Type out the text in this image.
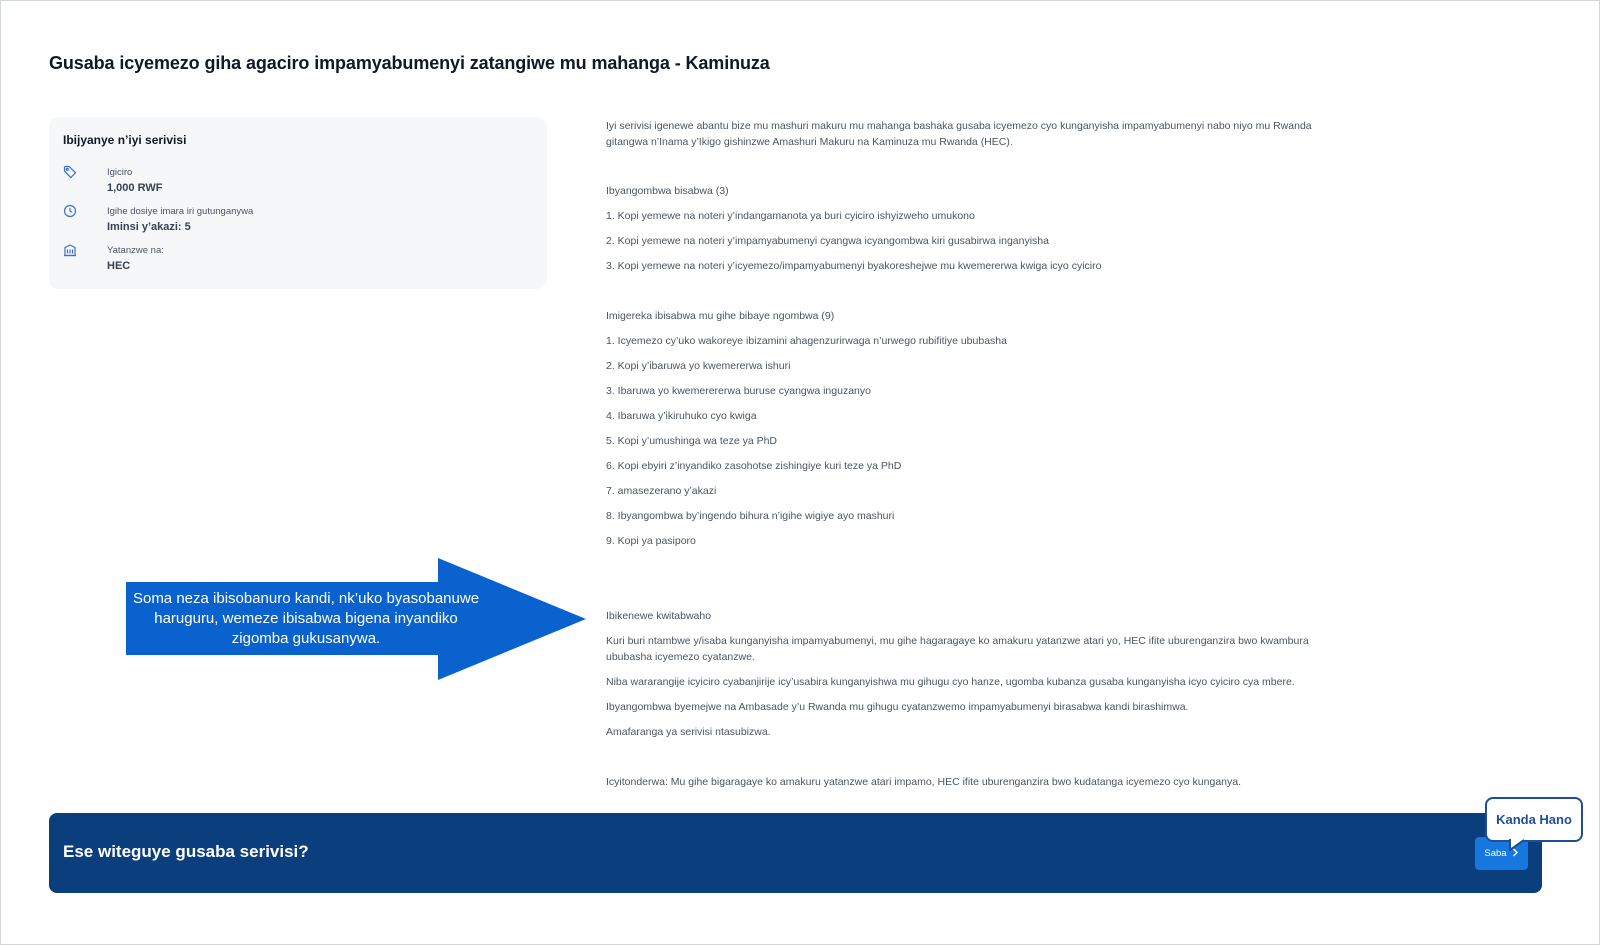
Gusaba icyemezo giha agaciro impamyabumenyi zatangiwe mu mahanga - Kaminuza
Ibijyanye n’iyi serivisi
Igiciro
1,000 RWF
Igihe dosiye imara iri gutunganywa
Iminsi y’akazi: 5
Yatanzwe na:
HEC

Iyi serivisi igenewe abantu bize mu mashuri makuru mu mahanga bashaka gusaba icyemezo cyo kunganyisha impamyabumenyi nabo niyo mu Rwanda

gitangwa n’Inama y’Ikigo gishinzwe Amashuri Makuru na Kaminuza mu Rwanda (HEC).

Ibyangombwa bisabwa (3)
1. Kopi yemewe na noteri y’indangamanota ya buri cyiciro ishyizweho umukono
2. Kopi yemewe na noteri y’impamyabumenyi cyangwa icyangombwa kiri gusabirwa inganyisha
3. Kopi yemewe na noteri y’icyemezo/impamyabumenyi byakoreshejwe mu kwemererwa kwiga icyo cyiciro
Imigereka ibisabwa mu gihe bibaye ngombwa (9)
1. Icyemezo cy’uko wakoreye ibizamini ahagenzurirwaga n’urwego rubifitiye ububasha
2. Kopi y’ibaruwa yo kwemererwa ishuri
3. Ibaruwa yo kwemerererwa buruse cyangwa inguzanyo
4. Ibaruwa y’ikiruhuko cyo kwiga
5. Kopi y’umushinga wa teze ya PhD
6. Kopi ebyiri z’inyandiko zasohotse zishingiye kuri teze ya PhD
7. amasezerano y’akazi
8. Ibyangombwa by’ingendo bihura n’igihe wigiye ayo mashuri
9. Kopi ya pasiporo
Ibikenewe kwitabwaho

Kuri buri ntambwe y/isaba kunganyisha impamyabumenyi, mu gihe hagaragaye ko amakuru yatanzwe atari yo, HEC ifite uburenganzira bwo kwambura

ububasha icyemezo cyatanzwe.

Niba wararangije icyiciro cyabanjirije icy’usabira kunganyishwa mu gihugu cyo hanze, ugomba kubanza gusaba kunganyisha icyo cyiciro cya mbere.
Ibyangombwa byemejwe na Ambasade y’u Rwanda mu gihugu cyatanzwemo impamyabumenyi birasabwa kandi birashimwa.
Amafaranga ya serivisi ntasubizwa.
Icyitonderwa: Mu gihe bigaragaye ko amakuru yatanzwe atari impamo, HEC ifite uburenganzira bwo kudatanga icyemezo cyo kunganya.
Soma neza ibisobanuro kandi, nk’uko byasobanuwe haruguru, wemeze ibisabwa bigena inyandiko zigomba gukusanywa.
Ese witeguye gusaba serivisi?	Saba
Kanda Hano
